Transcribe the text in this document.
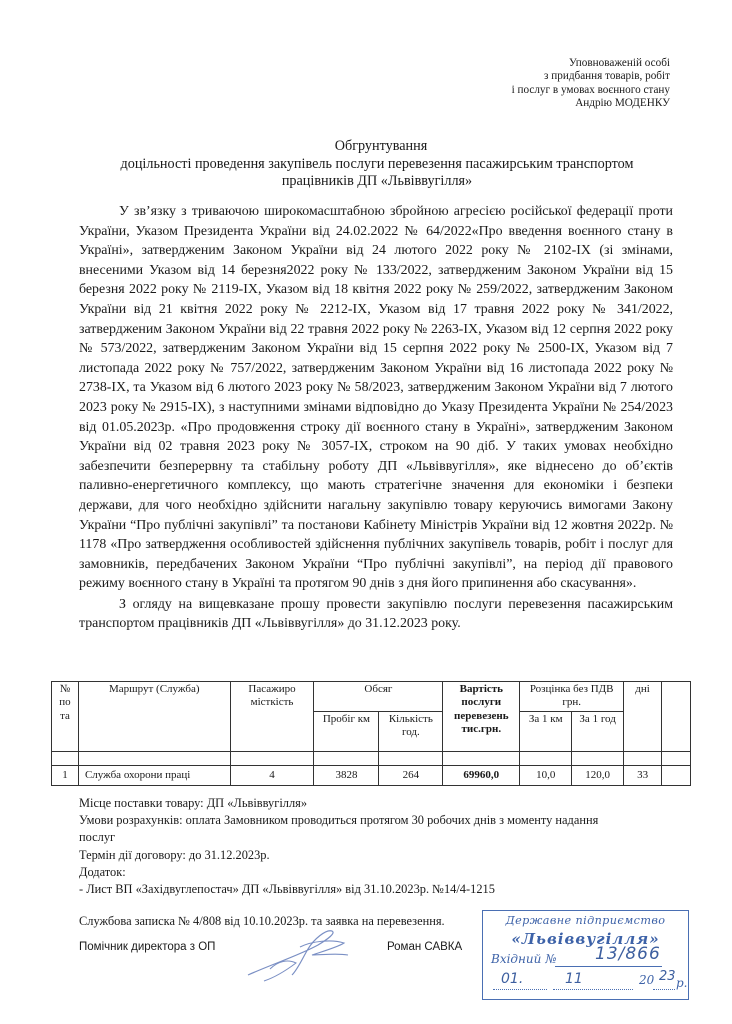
Уповноваженій особі
з придбання товарів, робіт
і послуг в умовах воєнного стану
Андрію МОДЕНКУ
Обгрунтування
доцільності проведення закупівель послуги перевезення пасажирським транспортом
працівників ДП «Львіввугілля»

У зв’язку з триваючою широкомасштабною збройною агресією російської федерації проти України, Указом Президента України від 24.02.2022 № 64/2022«Про введення воєнного стану в Україні», затвердженим Законом України від 24 лютого 2022 року № 2102-IX (зі змінами, внесеними Указом від 14 березня2022 року № 133/2022, затвердженим Законом України від 15 березня 2022 року № 2119-IX, Указом від 18 квітня 2022 року № 259/2022, затвердженим Законом України від 21 квітня 2022 року № 2212-IX, Указом від 17 травня 2022 року № 341/2022, затвердженим Законом України від 22 травня 2022 року № 2263-IX, Указом від 12 серпня 2022 року № 573/2022, затвердженим Законом України від 15 серпня 2022 року № 2500-IX, Указом від 7 листопада 2022 року № 757/2022, затвердженим Законом України від 16 листопада 2022 року № 2738-IX, та Указом від 6 лютого 2023 року № 58/2023, затвердженим Законом України від 7 лютого 2023 року № 2915-IX), з наступними змінами відповідно до Указу Президента України № 254/2023 від 01.05.2023р. «Про продовження строку дії воєнного стану в Україні», затвердженим Законом України від 02 травня 2023 року № 3057-IX, строком на 90 діб. У таких умовах необхідно забезпечити безперервну та стабільну роботу ДП «Львіввугілля», яке віднесено до об’єктів паливно-енергетичного комплексу, що мають стратегічне значення для економіки і безпеки держави, для чого необхідно здійснити нагальну закупівлю товару керуючись вимогами Закону України “Про публічні закупівлі” та постанови Кабінету Міністрів України від 12 жовтня 2022р. № 1178 «Про затвердження особливостей здійснення публічних закупівель товарів, робіт і послуг для замовників, передбачених Законом України “Про публічні закупівлі”, на період дії правового режиму воєнного стану в Україні та протягом 90 днів з дня його припинення або скасування».

З огляду на вищевказане прошу провести закупівлю послуги перевезення пасажирським транспортом працівників ДП «Львіввугілля» до 31.12.2023 року.

№ по та	Маршрут (Служба)	Пасажиро місткість	Обсяг		Вартість послуги перевезень тис.грн.	Розцінка без ПДВ грн.		дні	
			Пробіг км	Кількість год.		За 1 км	За 1 год		

1	Служба охорони праці	4	3828	264	69960,0	10,0	120,0	33	
Місце поставки товару: ДП «Львіввугілля»
Умови розрахунків: оплата Замовником проводиться протягом 30 робочих днів з моменту надання
послуг
Термін дії договору: до 31.12.2023р.
Додаток:
- Лист ВП «Західвуглепостач» ДП «Львіввугілля» від 31.10.2023р. №14/4-1215
Службова записка № 4/808 від 10.10.2023р. та заявка на перевезення.
Помічник директора з ОП	Роман САВКА
Державне підприємство
«Львіввугілля»
Вхідний № 13/866
01.	11	20 23 р.
